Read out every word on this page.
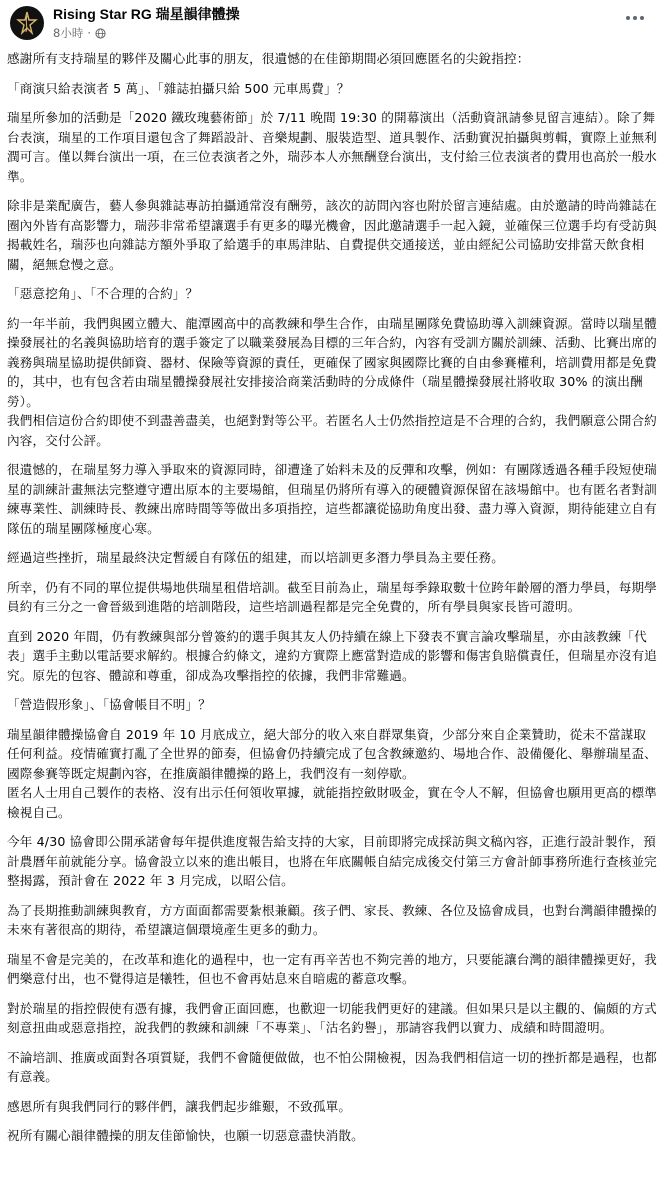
Rising Star RG 瑞星韻律體操
8小時 ·

感謝所有支持瑞星的夥伴及關心此事的朋友，很遺憾的在佳節期間必須回應匿名的尖銳指控：

「商演只給表演者 5 萬」、「雜誌拍攝只給 500 元車馬費」？

瑞星所參加的活動是「2020 鐵玫瑰藝術節」於 7/11 晚間 19:30 的開幕演出（活動資訊請參見留言連結）。除了舞台表演，瑞星的工作項目還包含了舞蹈設計、音樂規劃、服裝造型、道具製作、活動實況拍攝與剪輯，實際上並無利潤可言。僅以舞台演出一項，在三位表演者之外，瑞莎本人亦無酬登台演出，支付給三位表演者的費用也高於一般水準。

除非是業配廣告，藝人參與雜誌專訪拍攝通常沒有酬勞，該次的訪問內容也附於留言連結處。由於邀請的時尚雜誌在圈內外皆有高影響力，瑞莎非常希望讓選手有更多的曝光機會，因此邀請選手一起入鏡，並確保三位選手均有受訪與揭載姓名，瑞莎也向雜誌方額外爭取了給選手的車馬津貼、自費提供交通接送，並由經紀公司協助安排當天飲食相關，絕無怠慢之意。

「惡意挖角」、「不合理的合約」？

約一年半前，我們與國立體大、龍潭國高中的高教練和學生合作，由瑞星團隊免費協助導入訓練資源。當時以瑞星體操發展社的名義與協助培育的選手簽定了以職業發展為目標的三年合約，內容有受訓方關於訓練、活動、比賽出席的義務與瑞星協助提供師資、器材、保險等資源的責任，更確保了國家與國際比賽的自由參賽權利，培訓費用都是免費的，其中，也有包含若由瑞星體操發展社安排接洽商業活動時的分成條件（瑞星體操發展社將收取 30% 的演出酬勞）。

我們相信這份合約即使不到盡善盡美，也絕對對等公平。若匿名人士仍然指控這是不合理的合約，我們願意公開合約內容，交付公評。

很遺憾的，在瑞星努力導入爭取來的資源同時，卻遭逢了始料未及的反彈和攻擊，例如：有團隊透過各種手段短使瑞星的訓練計畫無法完整遵守遭出原本的主要場館，但瑞星仍將所有導入的硬體資源保留在該場館中。也有匿名者對訓練專業性、訓練時長、教練出席時間等等做出多項指控，這些都讓從協助角度出發、盡力導入資源，期待能建立自有隊伍的瑞星團隊極度心寒。

經過這些挫折，瑞星最終決定暫緩自有隊伍的組建，而以培訓更多潛力學員為主要任務。

所幸，仍有不同的單位提供場地供瑞星租借培訓。截至目前為止，瑞星每季錄取數十位跨年齡層的潛力學員，每期學員約有三分之一會晉級到進階的培訓階段，這些培訓過程都是完全免費的，所有學員與家長皆可證明。

直到 2020 年間，仍有教練與部分曾簽約的選手與其友人仍持續在線上下發表不實言論攻擊瑞星，亦由該教練「代表」選手主動以電話要求解約。根據合約條文，違約方實際上應當對造成的影響和傷害負賠償責任，但瑞星亦沒有追究。原先的包容、體諒和尊重，卻成為攻擊指控的依據，我們非常難過。

「營造假形象」、「協會帳目不明」？

瑞星韻律體操協會自 2019 年 10 月底成立，絕大部分的收入來自群眾集資，少部分來自企業贊助，從未不當謀取任何利益。疫情確實打亂了全世界的節奏，但協會仍持續完成了包含教練邀約、場地合作、設備優化、舉辦瑞星盃、國際參賽等既定規劃內容，在推廣韻律體操的路上，我們沒有一刻停歇。

匿名人士用自己製作的表格、沒有出示任何領收單據，就能指控斂財吸金，實在令人不解，但協會也願用更高的標準檢視自己。

今年 4/30 協會即公開承諾會每年提供進度報告給支持的大家，目前即將完成採訪與文稿內容，正進行設計製作，預計農曆年前就能分享。協會設立以來的進出帳目，也將在年底關帳自結完成後交付第三方會計師事務所進行查核並完整揭露，預計會在 2022 年 3 月完成，以昭公信。

為了長期推動訓練與教育，方方面面都需要紮根兼顧。孩子們、家長、教練、各位及協會成員，也對台灣韻律體操的未來有著很高的期待，希望讓這個環境產生更多的動力。

瑞星不會是完美的，在改革和進化的過程中，也一定有再辛苦也不夠完善的地方，只要能讓台灣的韻律體操更好，我們樂意付出，也不覺得這是犧牲，但也不會再姑息來自暗處的蓄意攻擊。

對於瑞星的指控假使有憑有據，我們會正面回應，也歡迎一切能我們更好的建議。但如果只是以主觀的、偏頗的方式刻意扭曲或惡意指控，說我們的教練和訓練「不專業」、「沽名釣譽」，那請容我們以實力、成績和時間證明。

不論培訓、推廣或面對各項質疑，我們不會隨便做做，也不怕公開檢視，因為我們相信這一切的挫折都是過程，也都有意義。

感恩所有與我們同行的夥伴們，讓我們起步維艱，不致孤單。

祝所有關心韻律體操的朋友佳節愉快，也願一切惡意盡快消散。
